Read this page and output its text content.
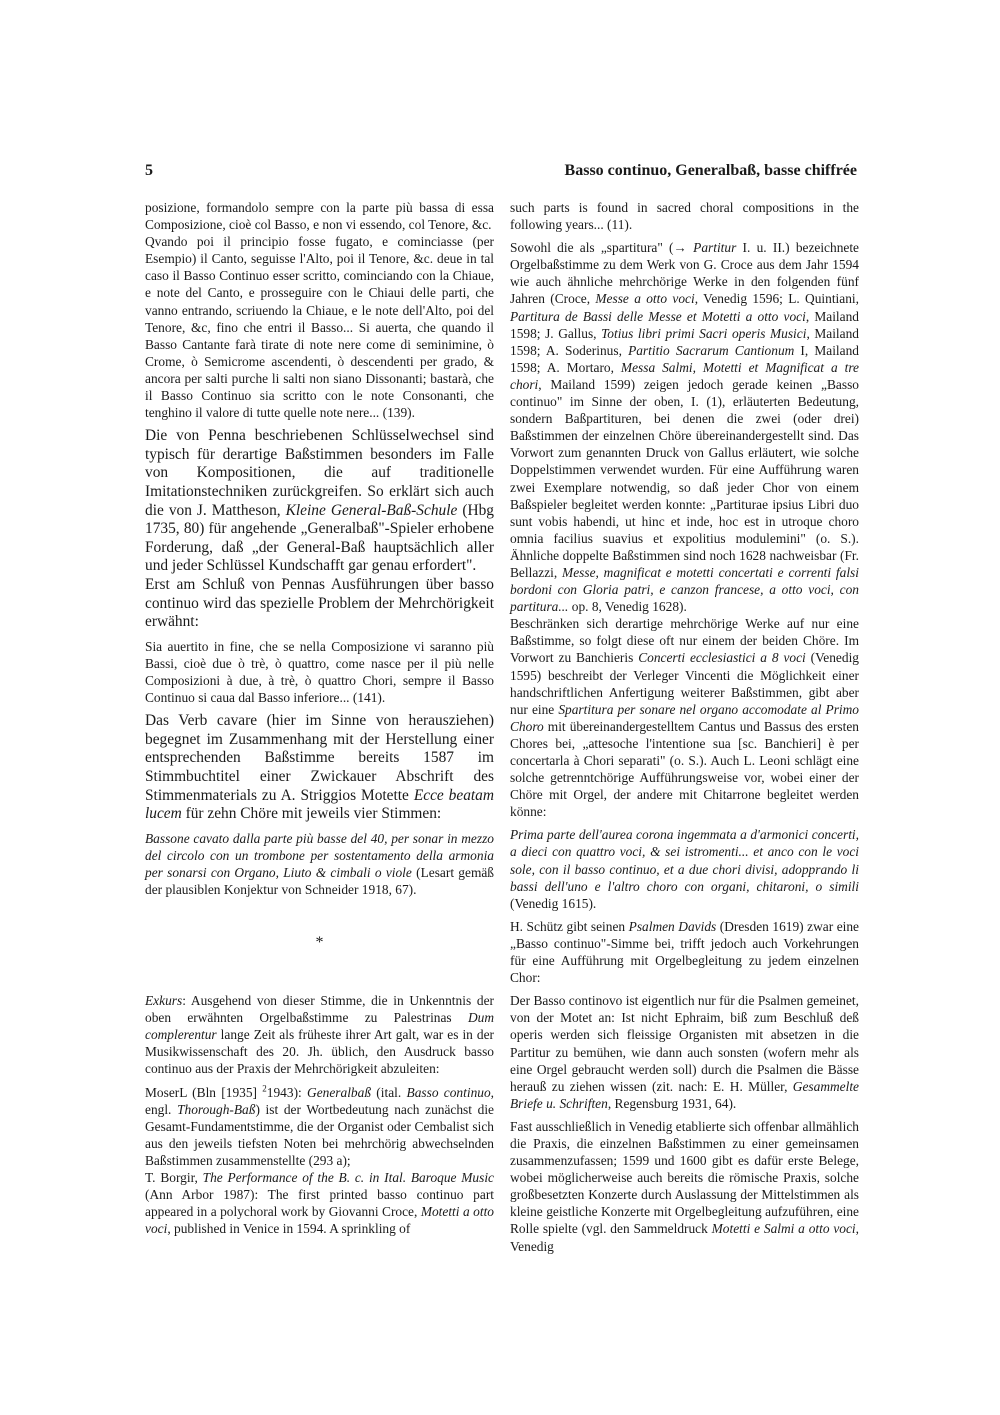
5	Basso continuo, Generalbaß, basse chiffrée

posizione, formandolo sempre con la parte più bassa di essa Composizione, cioè col Basso, e non vi essendo, col Tenore, &c.

Qvando poi il principio fosse fugato, e cominciasse (per Esempio) il Canto, seguisse l'Alto, poi il Tenore, &c. deue in tal caso il Basso Continuo esser scritto, cominciando con la Chiaue, e note del Canto, e prosseguire con le Chiaui delle parti, che vanno entrando, scriuendo la Chiaue, e le note dell'Alto, poi del Tenore, &c, fino che entri il Basso... Si auerta, che quando il Basso Cantante farà tirate di note nere come di seminimine, ò Crome, ò Semicrome ascendenti, ò descendenti per grado, & ancora per salti purche li salti non siano Dissonanti; bastarà, che il Basso Continuo sia scritto con le note Consonanti, che tenghino il valore di tutte quelle note nere... (139).

Die von Penna beschriebenen Schlüsselwechsel sind typisch für derartige Baßstimmen besonders im Falle von Kompositionen, die auf traditionelle Imitationstechniken zurückgreifen. So erklärt sich auch die von J. Mattheson, Kleine General-Baß-Schule (Hbg 1735, 80) für angehende „Generalbaß"-Spieler erhobene Forderung, daß „der General-Baß hauptsächlich aller und jeder Schlüssel Kundschafft gar genau erfordert".

Erst am Schluß von Pennas Ausführungen über basso continuo wird das spezielle Problem der Mehrchörigkeit erwähnt:

Sia auertito in fine, che se nella Composizione vi saranno più Bassi, cioè due ò trè, ò quattro, come nasce per il più nelle Composizioni à due, à trè, ò quattro Chori, sempre il Basso Continuo si caua dal Basso inferiore... (141).

Das Verb cavare (hier im Sinne von herausziehen) begegnet im Zusammenhang mit der Herstellung einer entsprechenden Baßstimme bereits 1587 im Stimmbuchtitel einer Zwickauer Abschrift des Stimmenmaterials zu A. Striggios Motette Ecce beatam lucem für zehn Chöre mit jeweils vier Stimmen:

Bassone cavato dalla parte più basse del 40, per sonar in mezzo del circolo con un trombone per sostentamento della armonia per sonarsi con Organo, Liuto & cimbali o viole (Lesart gemäß der plausiblen Konjektur von Schneider 1918, 67).

*

Exkurs: Ausgehend von dieser Stimme, die in Unkenntnis der oben erwähnten Orgelbaßstimme zu Palestrinas Dum complerentur lange Zeit als früheste ihrer Art galt, war es in der Musikwissenschaft des 20. Jh. üblich, den Ausdruck basso continuo aus der Praxis der Mehrchörigkeit abzuleiten:

MoserL (Bln [1935] $^2$1943): Generalbaß (ital. Basso continuo, engl. Thorough-Baß) ist der Wortbedeutung nach zunächst die Gesamt-Fundamentstimme, die der Organist oder Cembalist sich aus den jeweils tiefsten Noten bei mehrchörig abwechselnden Baßstimmen zusammenstellte (293 a);

T. Borgir, The Performance of the B. c. in Ital. Baroque Music (Ann Arbor 1987): The first printed basso continuo part appeared in a polychoral work by Giovanni Croce, Motetti a otto voci, published in Venice in 1594. A sprinkling of

such parts is found in sacred choral compositions in the following years... (11).

Sowohl die als „spartitura" (→ Partitur I. u. II.) bezeichnete Orgelbaßstimme zu dem Werk von G. Croce aus dem Jahr 1594 wie auch ähnliche mehrchörige Werke in den folgenden fünf Jahren (Croce, Messe a otto voci, Venedig 1596; L. Quintiani, Partitura de Bassi delle Messe et Motetti a otto voci, Mailand 1598; J. Gallus, Totius libri primi Sacri operis Musici, Mailand 1598; A. Soderinus, Partitio Sacrarum Cantionum I, Mailand 1598; A. Mortaro, Messa Salmi, Motetti et Magnificat a tre chori, Mailand 1599) zeigen jedoch gerade keinen „Basso continuo" im Sinne der oben, I. (1), erläuterten Bedeutung, sondern Baßpartituren, bei denen die zwei (oder drei) Baßstimmen der einzelnen Chöre übereinandergestellt sind. Das Vorwort zum genannten Druck von Gallus erläutert, wie solche Doppelstimmen verwendet wurden. Für eine Aufführung waren zwei Exemplare notwendig, so daß jeder Chor von einem Baßspieler begleitet werden konnte: „Partiturae ipsius Libri duo sunt vobis habendi, ut hinc et inde, hoc est in utroque choro omnia facilius suavius et expolitius modulemini" (o. S.). Ähnliche doppelte Baßstimmen sind noch 1628 nachweisbar (Fr. Bellazzi, Messe, magnificat e motetti concertati e correnti falsi bordoni con Gloria patri, e canzon francese, a otto voci, con partitura... op. 8, Venedig 1628).

Beschränken sich derartige mehrchörige Werke auf nur eine Baßstimme, so folgt diese oft nur einem der beiden Chöre. Im Vorwort zu Banchieris Concerti ecclesiastici a 8 voci (Venedig 1595) beschreibt der Verleger Vincenti die Möglichkeit einer handschriftlichen Anfertigung weiterer Baßstimmen, gibt aber nur eine Spartitura per sonare nel organo accomodate al Primo Choro mit übereinandergestelltem Cantus und Bassus des ersten Chores bei, „attesoche l'intentione sua [sc. Banchieri] è per concertarla à Chori separati" (o. S.). Auch L. Leoni schlägt eine solche getrenntchörige Aufführungsweise vor, wobei einer der Chöre mit Orgel, der andere mit Chitarrone begleitet werden könne:

Prima parte dell'aurea corona ingemmata a d'armonici concerti, a dieci con quattro voci, & sei istromenti... et anco con le voci sole, con il basso continuo, et a due chori divisi, adopprando li bassi dell'uno e l'altro choro con organi, chitaroni, o simili (Venedig 1615).

H. Schütz gibt seinen Psalmen Davids (Dresden 1619) zwar eine „Basso continuo"-Simme bei, trifft jedoch auch Vorkehrungen für eine Aufführung mit Orgelbegleitung zu jedem einzelnen Chor:

Der Basso continovo ist eigentlich nur für die Psalmen gemeinet, von der Motet an: Ist nicht Ephraim, biß zum Beschluß deß operis werden sich fleissige Organisten mit absetzen in die Partitur zu bemühen, wie dann auch sonsten (wofern mehr als eine Orgel gebraucht werden soll) durch die Psalmen die Bässe herauß zu ziehen wissen (zit. nach: E. H. Müller, Gesammelte Briefe u. Schriften, Regensburg 1931, 64).

Fast ausschließlich in Venedig etablierte sich offenbar allmählich die Praxis, die einzelnen Baßstimmen zu einer gemeinsamen zusammenzufassen; 1599 und 1600 gibt es dafür erste Belege, wobei möglicherweise auch bereits die römische Praxis, solche großbesetzten Konzerte durch Auslassung der Mittelstimmen als kleine geistliche Konzerte mit Orgelbegleitung aufzuführen, eine Rolle spielte (vgl. den Sammeldruck Motetti e Salmi a otto voci, Venedig
